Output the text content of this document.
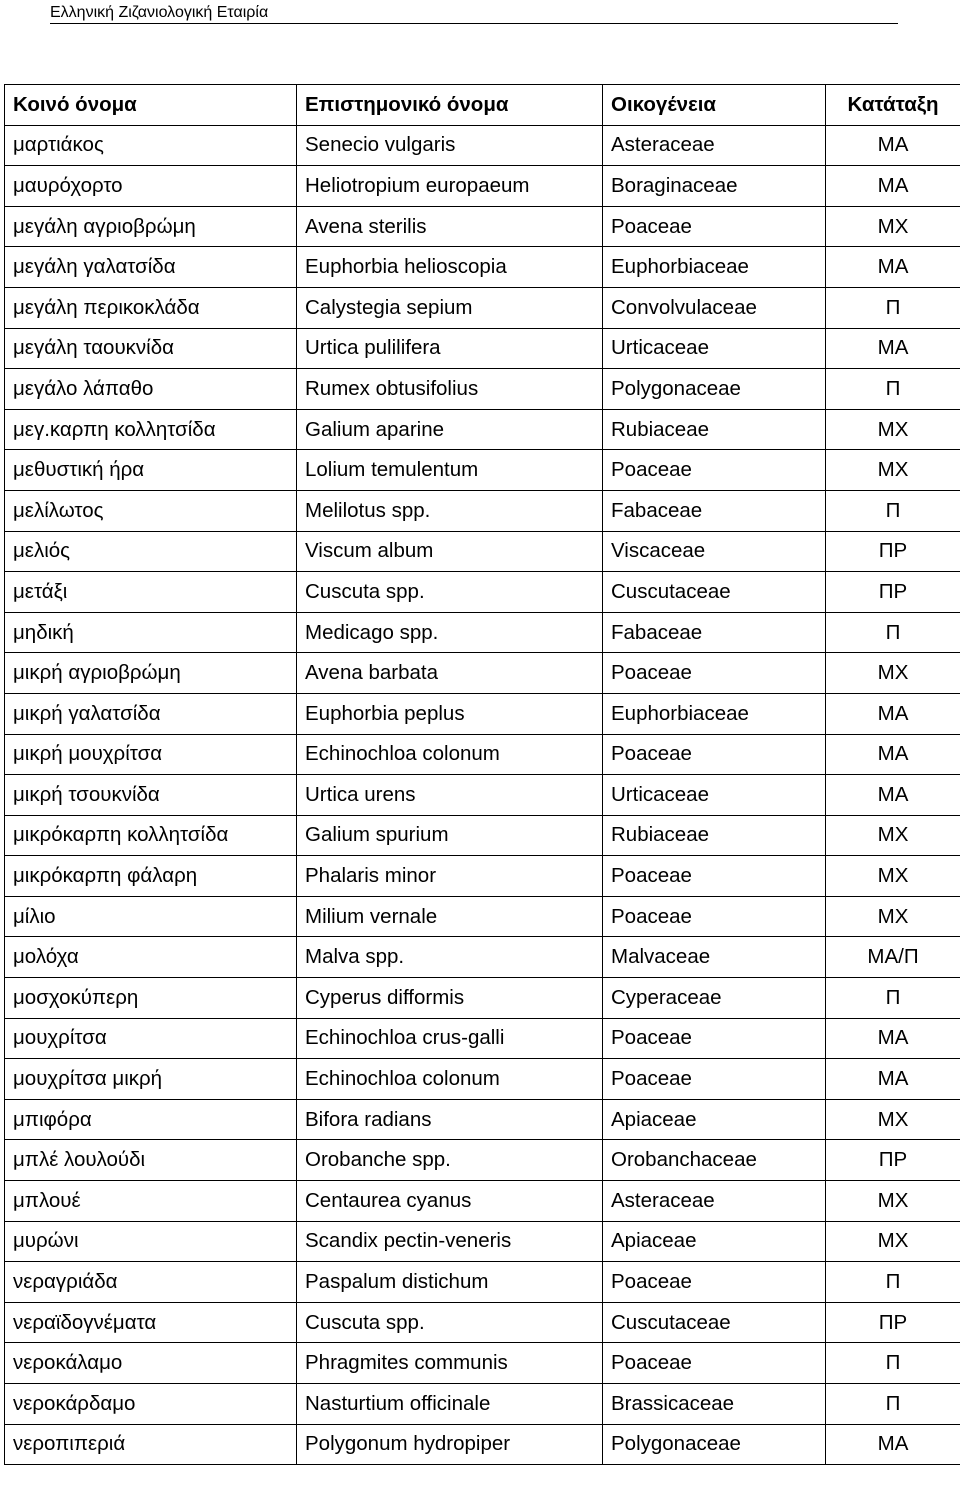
Ελληνική Ζιζανιολογική Εταιρία
Κοινό όνομα	Επιστημονικό όνομα	Οικογένεια	Κατάταξη
μαρτιάκος	Senecio vulgaris	Asteraceae	MA
μαυρόχορτο	Heliotropium europaeum	Boraginaceae	MA
μεγάλη αγριοβρώμη	Avena sterilis	Poaceae	MX
μεγάλη γαλατσίδα	Euphorbia helioscopia	Euphorbiaceae	MA
μεγάλη περικοκλάδα	Calystegia sepium	Convolvulaceae	Π
μεγάλη ταουκνίδα	Urtica pulilifera	Urticaceae	MA
μεγάλο λάπαθο	Rumex obtusifolius	Polygonaceae	Π
μεγ.καρπη κολλητσίδα	Galium aparine	Rubiaceae	MX
μεθυστική ήρα	Lolium temulentum	Poaceae	MX
μελίλωτος	Melilotus spp.	Fabaceae	Π
μελιός	Viscum album	Viscaceae	ΠΡ
μετάξι	Cuscuta spp.	Cuscutaceae	ΠΡ
μηδική	Medicago spp.	Fabaceae	Π
μικρή αγριοβρώμη	Avena barbata	Poaceae	MX
μικρή γαλατσίδα	Euphorbia peplus	Euphorbiaceae	MA
μικρή μουχρίτσα	Echinochloa colonum	Poaceae	MA
μικρή τσουκνίδα	Urtica urens	Urticaceae	MA
μικρόκαρπη κολλητσίδα	Galium spurium	Rubiaceae	MX
μικρόκαρπη φάλαρη	Phalaris minor	Poaceae	MX
μίλιο	Milium vernale	Poaceae	MX
μολόχα	Malva spp.	Malvaceae	MA/Π
μοσχοκύπερη	Cyperus difformis	Cyperaceae	Π
μουχρίτσα	Echinochloa crus-galli	Poaceae	MA
μουχρίτσα μικρή	Echinochloa colonum	Poaceae	MA
μπιφόρα	Bifora radians	Apiaceae	MX
μπλέ λουλούδι	Orobanche spp.	Orobanchaceae	ΠΡ
μπλουέ	Centaurea cyanus	Asteraceae	MX
μυρώνι	Scandix pectin-veneris	Apiaceae	MX
νεραγριάδα	Paspalum distichum	Poaceae	Π
νεραϊδογνέματα	Cuscuta spp.	Cuscutaceae	ΠΡ
νεροκάλαμο	Phragmites communis	Poaceae	Π
νεροκάρδαμο	Nasturtium officinale	Brassicaceae	Π
νεροπιπεριά	Polygonum hydropiper	Polygonaceae	MA
